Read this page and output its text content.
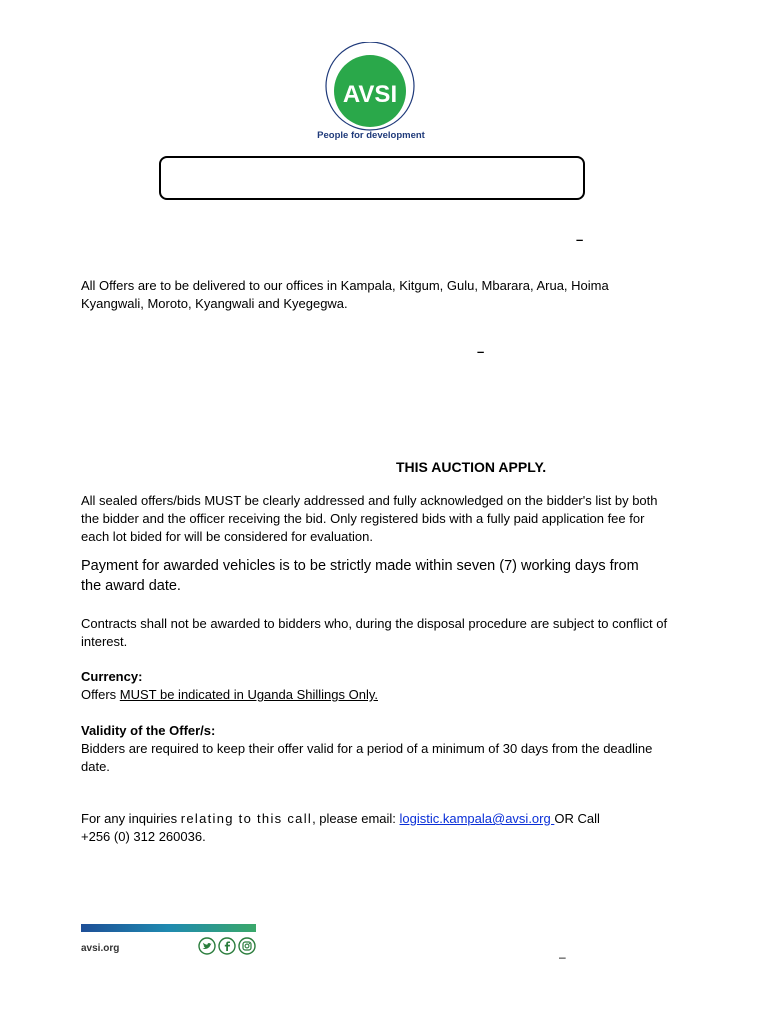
AVSI
People for development
–
–
All Offers are to be delivered to our offices in Kampala, Kitgum, Gulu, Mbarara, Arua, Hoima Kyangwali, Moroto, Kyangwali and Kyegegwa.
THIS AUCTION APPLY.
All sealed offers/bids MUST be clearly addressed and fully acknowledged on the bidder's list by both the bidder and the officer receiving the bid. Only registered bids with a fully paid application fee for each lot bided for will be considered for evaluation.
Payment for awarded vehicles is to be strictly made within seven (7) working days from the award date.
Contracts shall not be awarded to bidders who, during the disposal procedure are subject to conflict of interest.
Currency:
Offers MUST be indicated in Uganda Shillings Only.
Validity of the Offer/s:
Bidders are required to keep their offer valid for a period of a minimum of 30 days from the deadline date.
For any inquiries relating to this call, please email: logistic.kampala@avsi.org OR Call
+256 (0) 312 260036.
avsi.org
–
